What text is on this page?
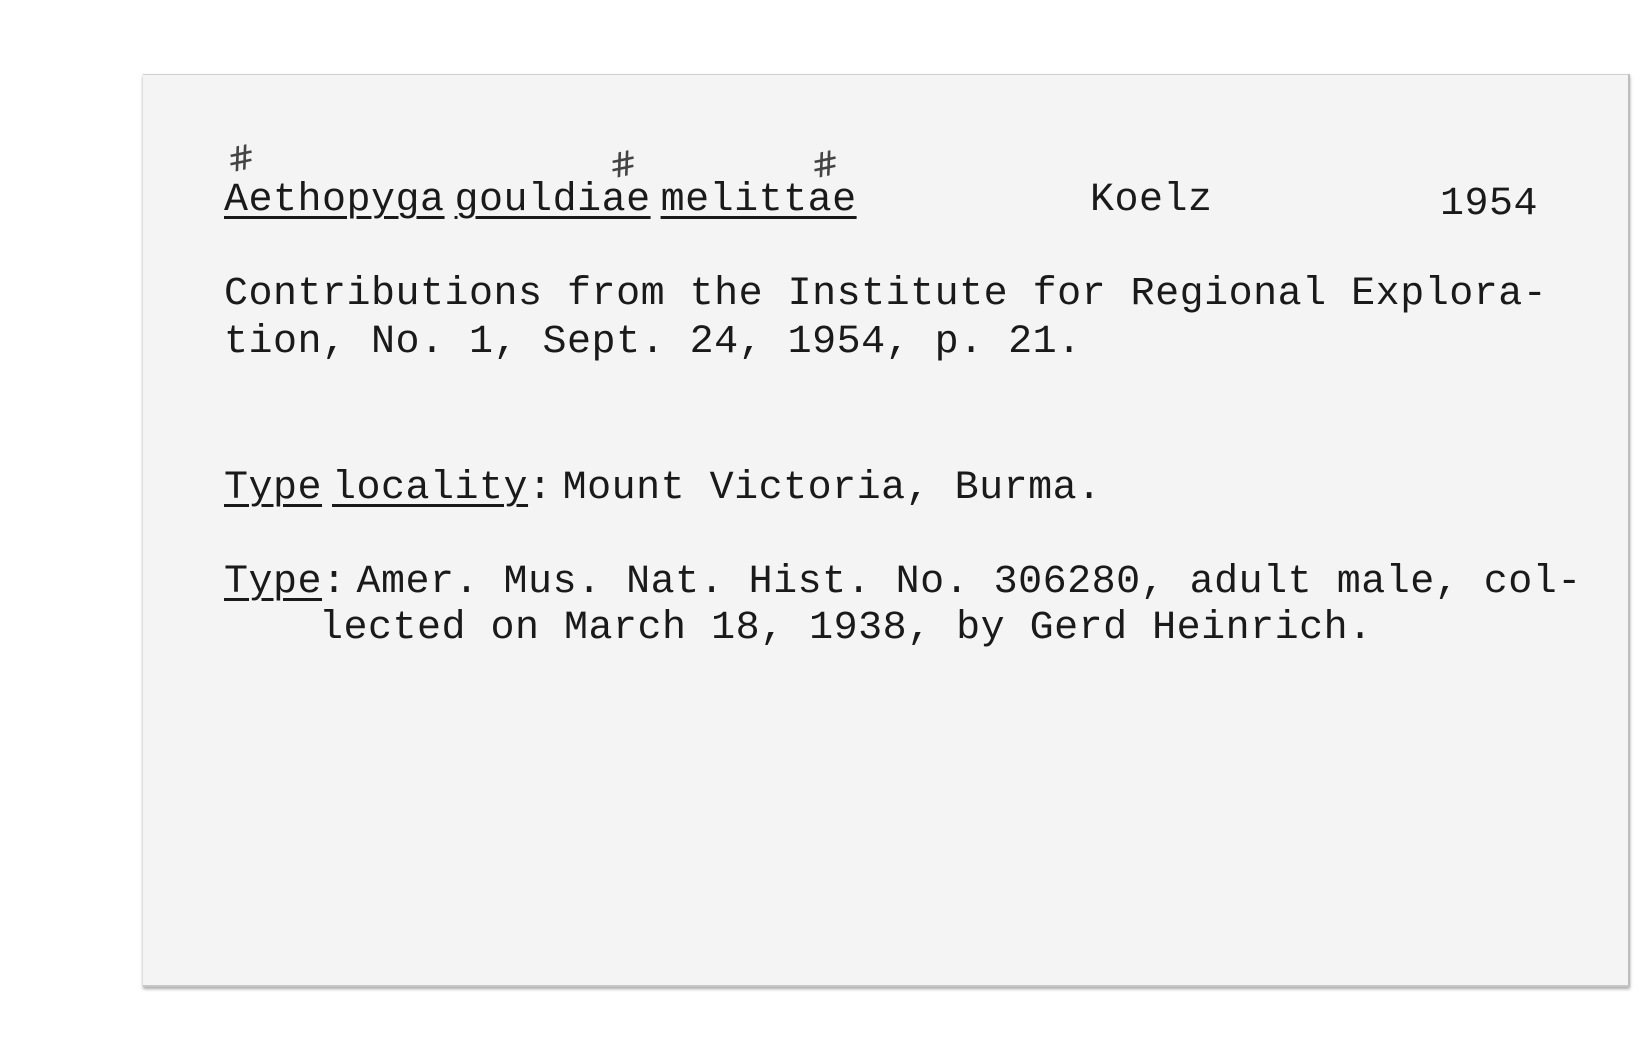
#	#	#
Aethopyga gouldiae melittae	Koelz	1954
Contributions from the Institute for Regional Explora-
tion, No. 1, Sept. 24, 1954, p. 21.
Type locality: Mount Victoria, Burma.
Type: Amer. Mus. Nat. Hist. No. 306280, adult male, col-
lected on March 18, 1938, by Gerd Heinrich.
